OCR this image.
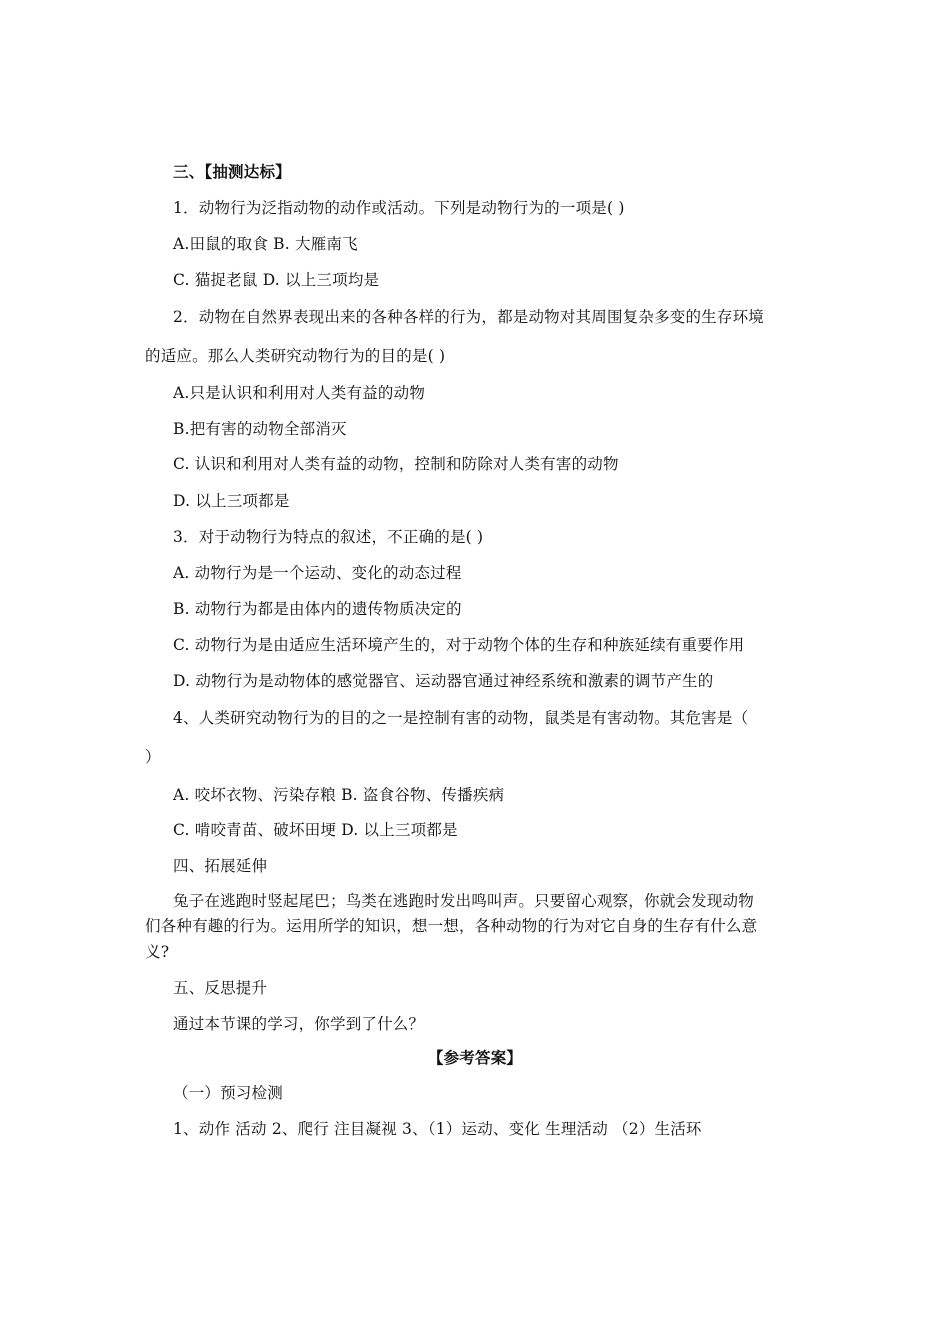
三、【抽测达标】
1．动物行为泛指动物的动作或活动。下列是动物行为的一项是( )
A.田鼠的取食 B. 大雁南飞
C. 猫捉老鼠 D. 以上三项均是
2．动物在自然界表现出来的各种各样的行为，都是动物对其周围复杂多变的生存环境
的适应。那么人类研究动物行为的目的是( )
A.只是认识和利用对人类有益的动物
B.把有害的动物全部消灭
C. 认识和利用对人类有益的动物，控制和防除对人类有害的动物
D. 以上三项都是
3．对于动物行为特点的叙述，不正确的是( )
A. 动物行为是一个运动、变化的动态过程
B. 动物行为都是由体内的遗传物质决定的
C. 动物行为是由适应生活环境产生的，对于动物个体的生存和种族延续有重要作用
D. 动物行为是动物体的感觉器官、运动器官通过神经系统和激素的调节产生的
4、人类研究动物行为的目的之一是控制有害的动物，鼠类是有害动物。其危害是（
）
A. 咬坏衣物、污染存粮 B. 盗食谷物、传播疾病
C. 啃咬青苗、破坏田埂 D. 以上三项都是
四、拓展延伸
兔子在逃跑时竖起尾巴；鸟类在逃跑时发出鸣叫声。只要留心观察，你就会发现动物
们各种有趣的行为。运用所学的知识，想一想，各种动物的行为对它自身的生存有什么意
义?
五、反思提升
通过本节课的学习，你学到了什么？
【参考答案】
（一）预习检测
1、动作 活动 2、爬行 注目凝视 3、（1）运动、变化 生理活动 （2）生活环
